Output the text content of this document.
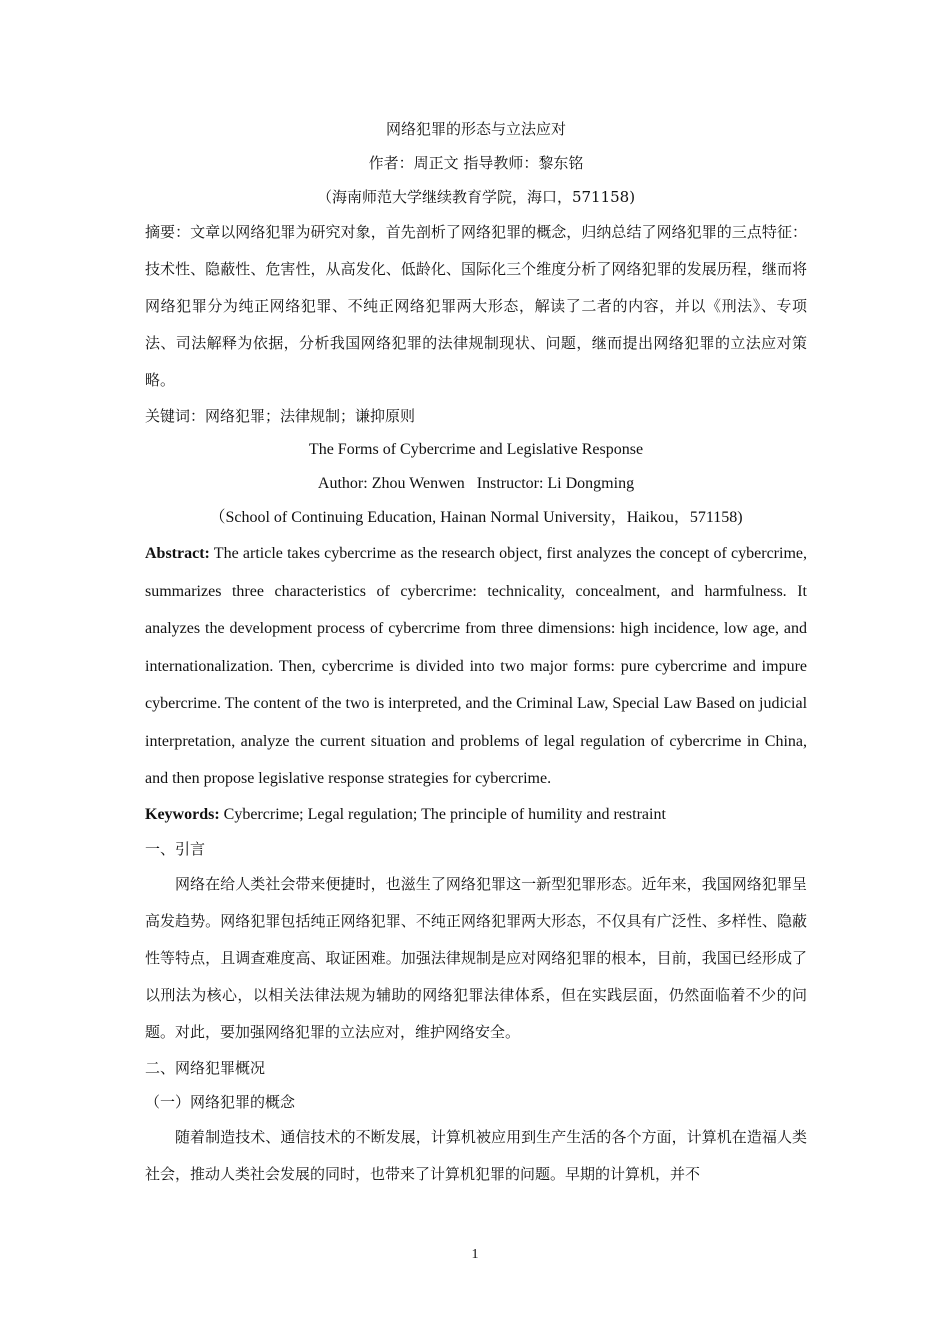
网络犯罪的形态与立法应对
作者：周正文 指导教师：黎东铭
（海南师范大学继续教育学院，海口，571158)

摘要：文章以网络犯罪为研究对象，首先剖析了网络犯罪的概念，归纳总结了网络犯罪的三点特征：技术性、隐蔽性、危害性，从高发化、低龄化、国际化三个维度分析了网络犯罪的发展历程，继而将网络犯罪分为纯正网络犯罪、不纯正网络犯罪两大形态，解读了二者的内容，并以《刑法》、专项法、司法解释为依据，分析我国网络犯罪的法律规制现状、问题，继而提出网络犯罪的立法应对策略。

关键词：网络犯罪；法律规制；谦抑原则
The Forms of Cybercrime and Legislative Response
Author: Zhou Wenwen   Instructor: Li Dongming
（School of Continuing Education, Hainan Normal University，Haikou，571158)

Abstract: The article takes cybercrime as the research object, first analyzes the concept of cybercrime, summarizes three characteristics of cybercrime: technicality, concealment, and harmfulness. It analyzes the development process of cybercrime from three dimensions: high incidence, low age, and internationalization. Then, cybercrime is divided into two major forms: pure cybercrime and impure cybercrime. The content of the two is interpreted, and the Criminal Law, Special Law Based on judicial interpretation, analyze the current situation and problems of legal regulation of cybercrime in China, and then propose legislative response strategies for cybercrime.

Keywords: Cybercrime; Legal regulation; The principle of humility and restraint
一、引言

网络在给人类社会带来便捷时，也滋生了网络犯罪这一新型犯罪形态。近年来，我国网络犯罪呈高发趋势。网络犯罪包括纯正网络犯罪、不纯正网络犯罪两大形态，不仅具有广泛性、多样性、隐蔽性等特点，且调查难度高、取证困难。加强法律规制是应对网络犯罪的根本，目前，我国已经形成了以刑法为核心，以相关法律法规为辅助的网络犯罪法律体系，但在实践层面，仍然面临着不少的问题。对此，要加强网络犯罪的立法应对，维护网络安全。

二、网络犯罪概况
（一）网络犯罪的概念

随着制造技术、通信技术的不断发展，计算机被应用到生产生活的各个方面，计算机在造福人类社会，推动人类社会发展的同时，也带来了计算机犯罪的问题。早期的计算机，并不

1
